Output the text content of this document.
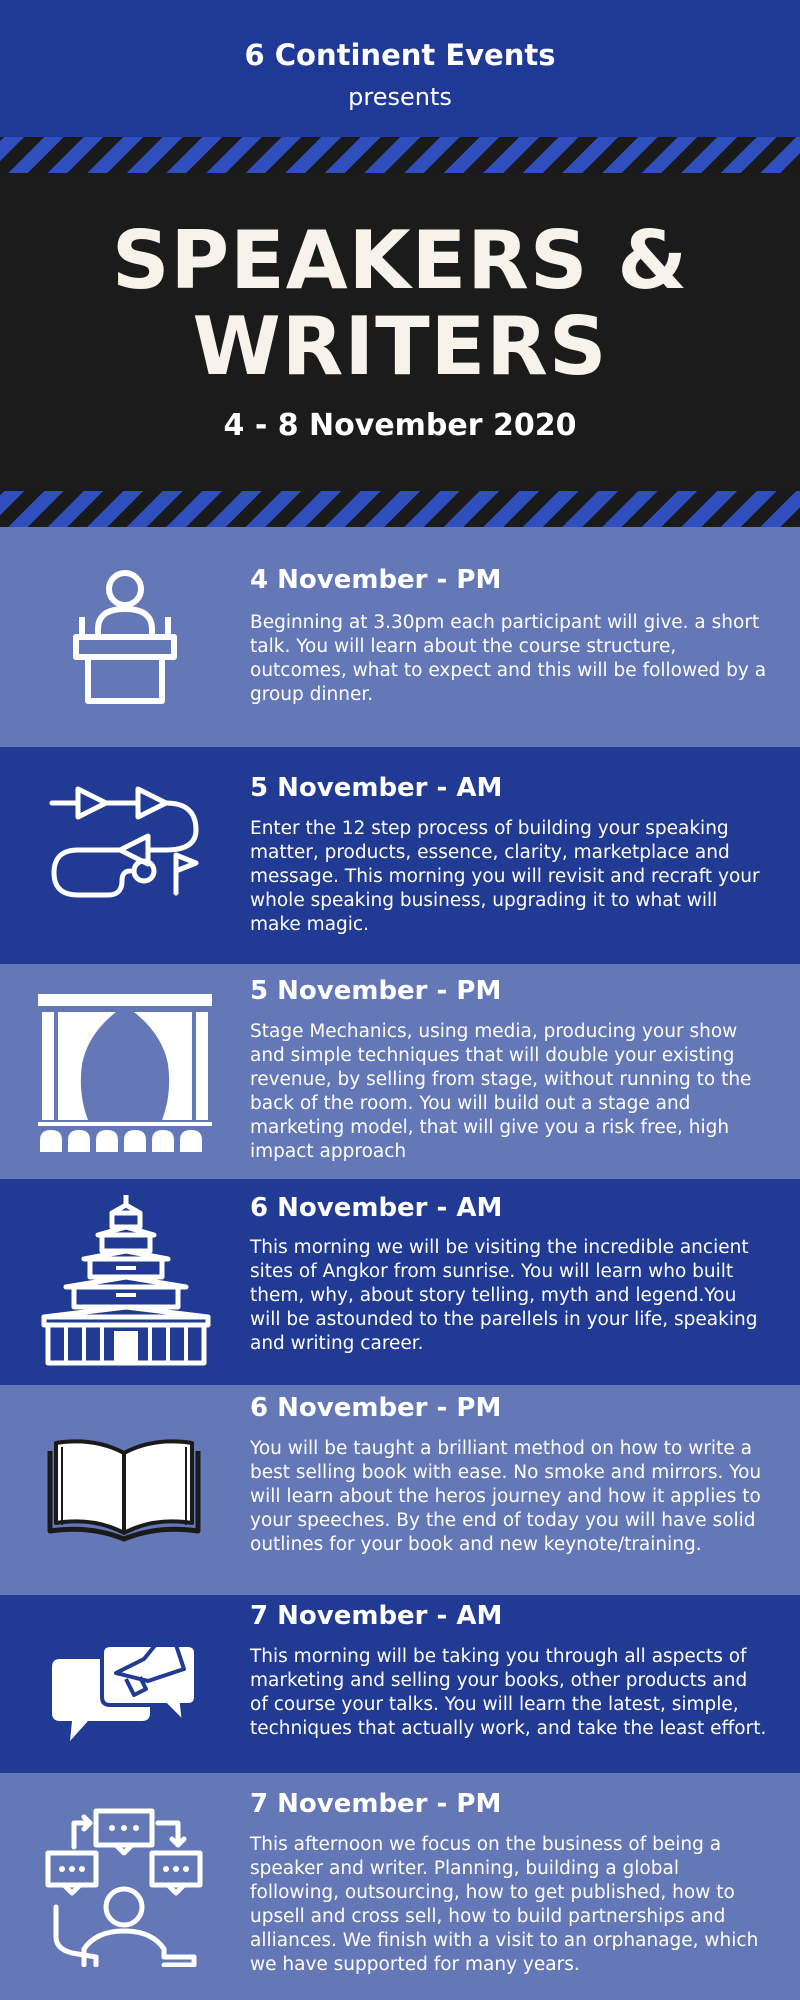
6 Continent Events
presents
SPEAKERS &
WRITERS
4 - 8 November 2020
4 November - PM
Beginning at 3.30pm each participant will give. a short talk. You will learn about the course structure, outcomes, what to expect and this will be followed by a group dinner.
5 November - AM
Enter the 12 step process of building your speaking matter, products, essence, clarity, marketplace and message. This morning you will revisit and recraft your whole speaking business, upgrading it to what will make magic.
5 November - PM
Stage Mechanics, using media, producing your show and simple techniques that will double your existing revenue, by selling from stage, without running to the back of the room. You will build out a stage and marketing model, that will give you a risk free, high impact approach
6 November - AM
This morning we will be visiting the incredible ancient sites of Angkor from sunrise. You will learn who built them, why, about story telling, myth and legend.You will be astounded to the parellels in your life, speaking and writing career.
6 November - PM
You will be taught a brilliant method on how to write a best selling book with ease. No smoke and mirrors. You will learn about the heros journey and how it applies to your speeches. By the end of today you will have solid outlines for your book and new keynote/training.
7 November - AM
This morning will be taking you through all aspects of marketing and selling your books, other products and of course your talks. You will learn the latest, simple, techniques that actually work, and take the least effort.
7 November - PM
This afternoon we focus on the business of being a speaker and writer. Planning, building a global following, outsourcing, how to get published, how to upsell and cross sell, how to build partnerships and alliances. We finish with a visit to an orphanage, which we have supported for many years.
